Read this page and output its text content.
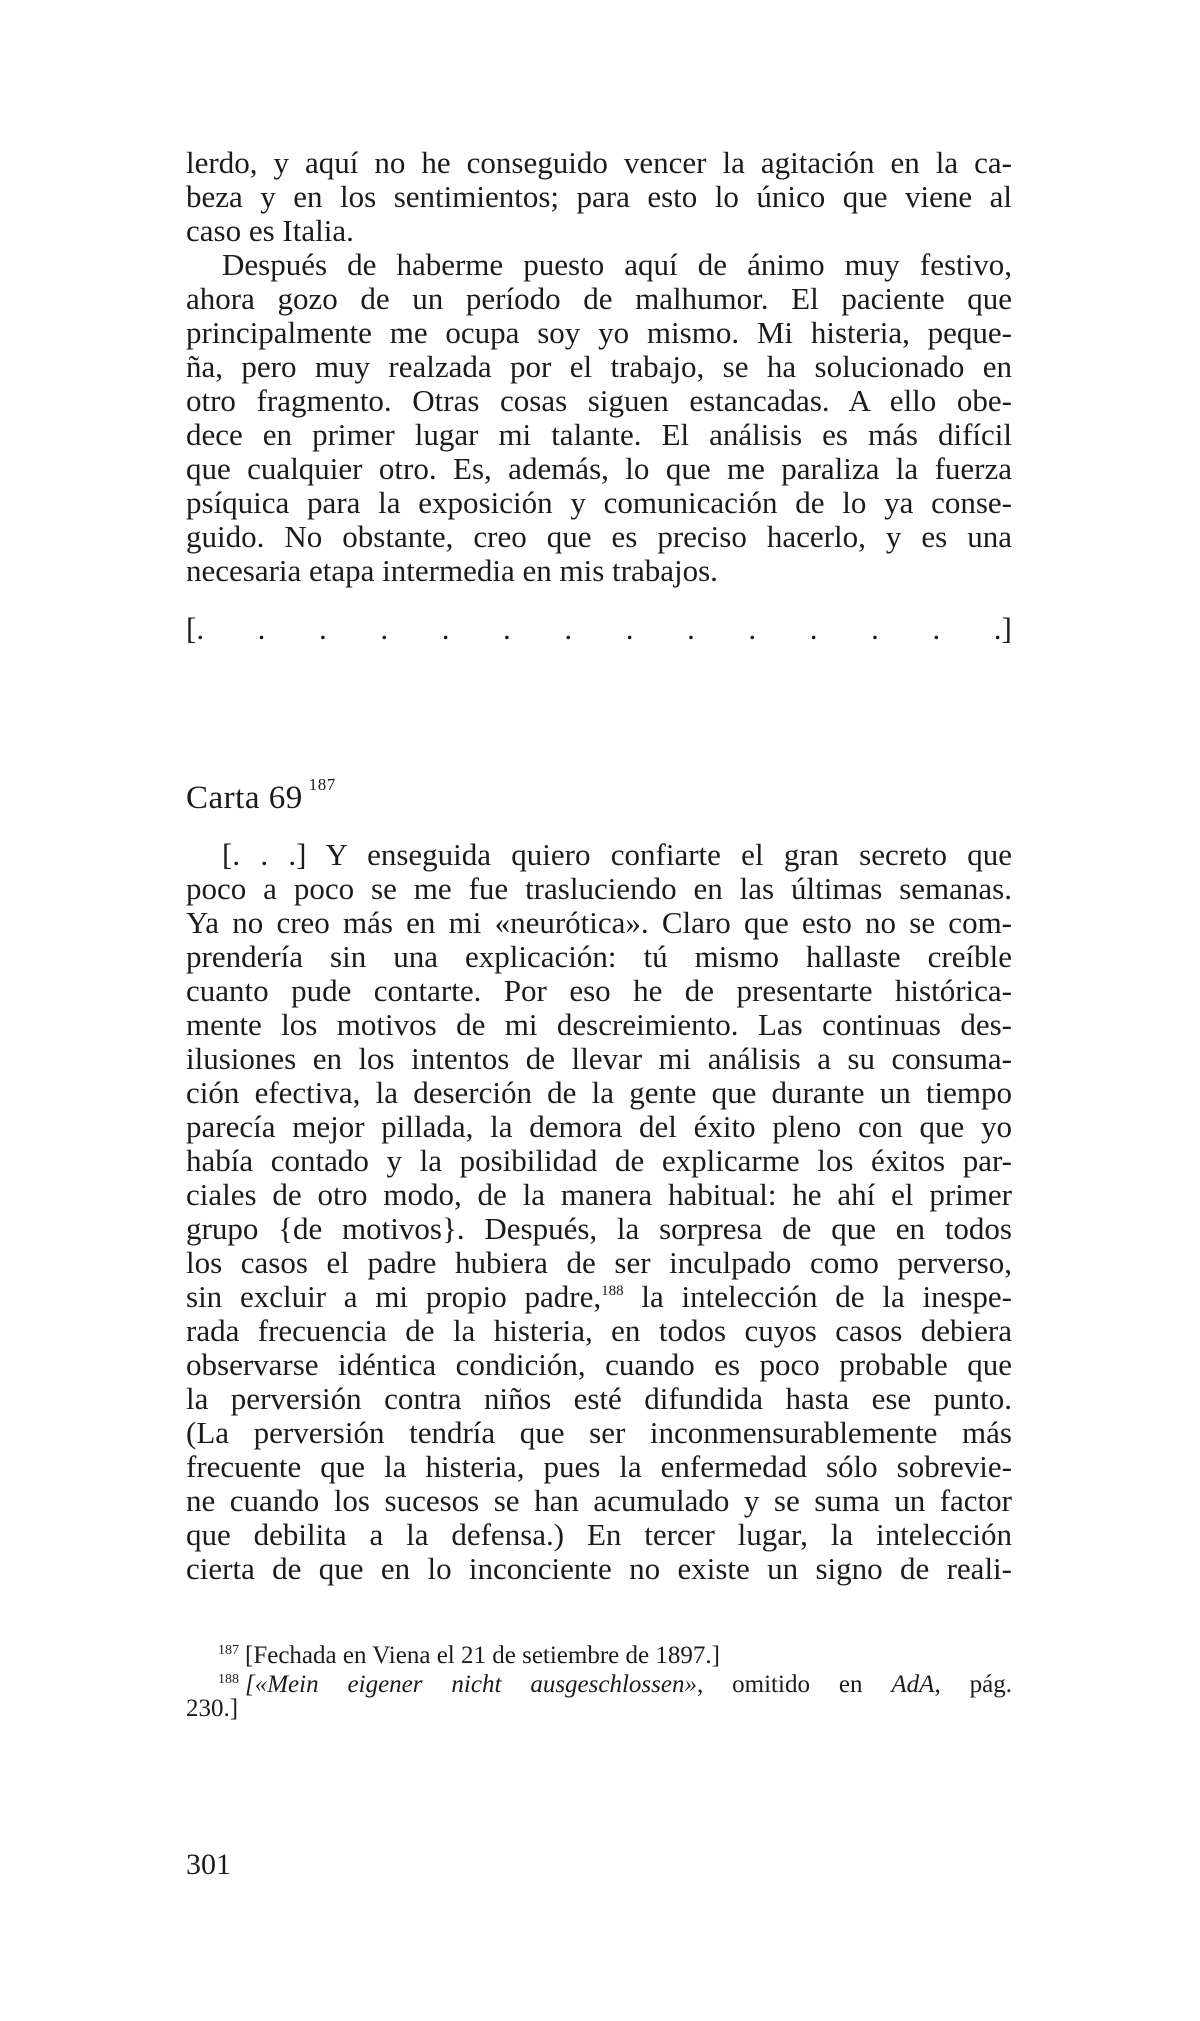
lerdo, y aquí no he conseguido vencer la agitación en la ca-
beza y en los sentimientos; para esto lo único que viene al
caso es Italia.
Después de haberme puesto aquí de ánimo muy festivo,
ahora gozo de un período de malhumor. El paciente que
principalmente me ocupa soy yo mismo. Mi histeria, peque-
ña, pero muy realzada por el trabajo, se ha solucionado en
otro fragmento. Otras cosas siguen estancadas. A ello obe-
dece en primer lugar mi talante. El análisis es más difícil
que cualquier otro. Es, además, lo que me paraliza la fuerza
psíquica para la exposición y comunicación de lo ya conse-
guido. No obstante, creo que es preciso hacerlo, y es una
necesaria etapa intermedia en mis trabajos.
[. . . . . . . . . . . . . .]
Carta 69 $^{187}$
[. . .] Y enseguida quiero confiarte el gran secreto que
poco a poco se me fue trasluciendo en las últimas semanas.
Ya no creo más en mi «neurótica». Claro que esto no se com-
prendería sin una explicación: tú mismo hallaste creíble
cuanto pude contarte. Por eso he de presentarte histórica-
mente los motivos de mi descreimiento. Las continuas des-
ilusiones en los intentos de llevar mi análisis a su consuma-
ción efectiva, la deserción de la gente que durante un tiempo
parecía mejor pillada, la demora del éxito pleno con que yo
había contado y la posibilidad de explicarme los éxitos par-
ciales de otro modo, de la manera habitual: he ahí el primer
grupo {de motivos}. Después, la sorpresa de que en todos
los casos el padre hubiera de ser inculpado como perverso,
sin excluir a mi propio padre,$^{188}$ la intelección de la inespe-
rada frecuencia de la histeria, en todos cuyos casos debiera
observarse idéntica condición, cuando es poco probable que
la perversión contra niños esté difundida hasta ese punto.
(La perversión tendría que ser inconmensurablemente más
frecuente que la histeria, pues la enfermedad sólo sobrevie-
ne cuando los sucesos se han acumulado y se suma un factor
que debilita a la defensa.) En tercer lugar, la intelección
cierta de que en lo inconciente no existe un signo de reali-
$^{187}$ [Fechada en Viena el 21 de setiembre de 1897.]
$^{188}$ [«Mein eigener nicht ausgeschlossen», omitido en AdA, pág.
230.]
301
